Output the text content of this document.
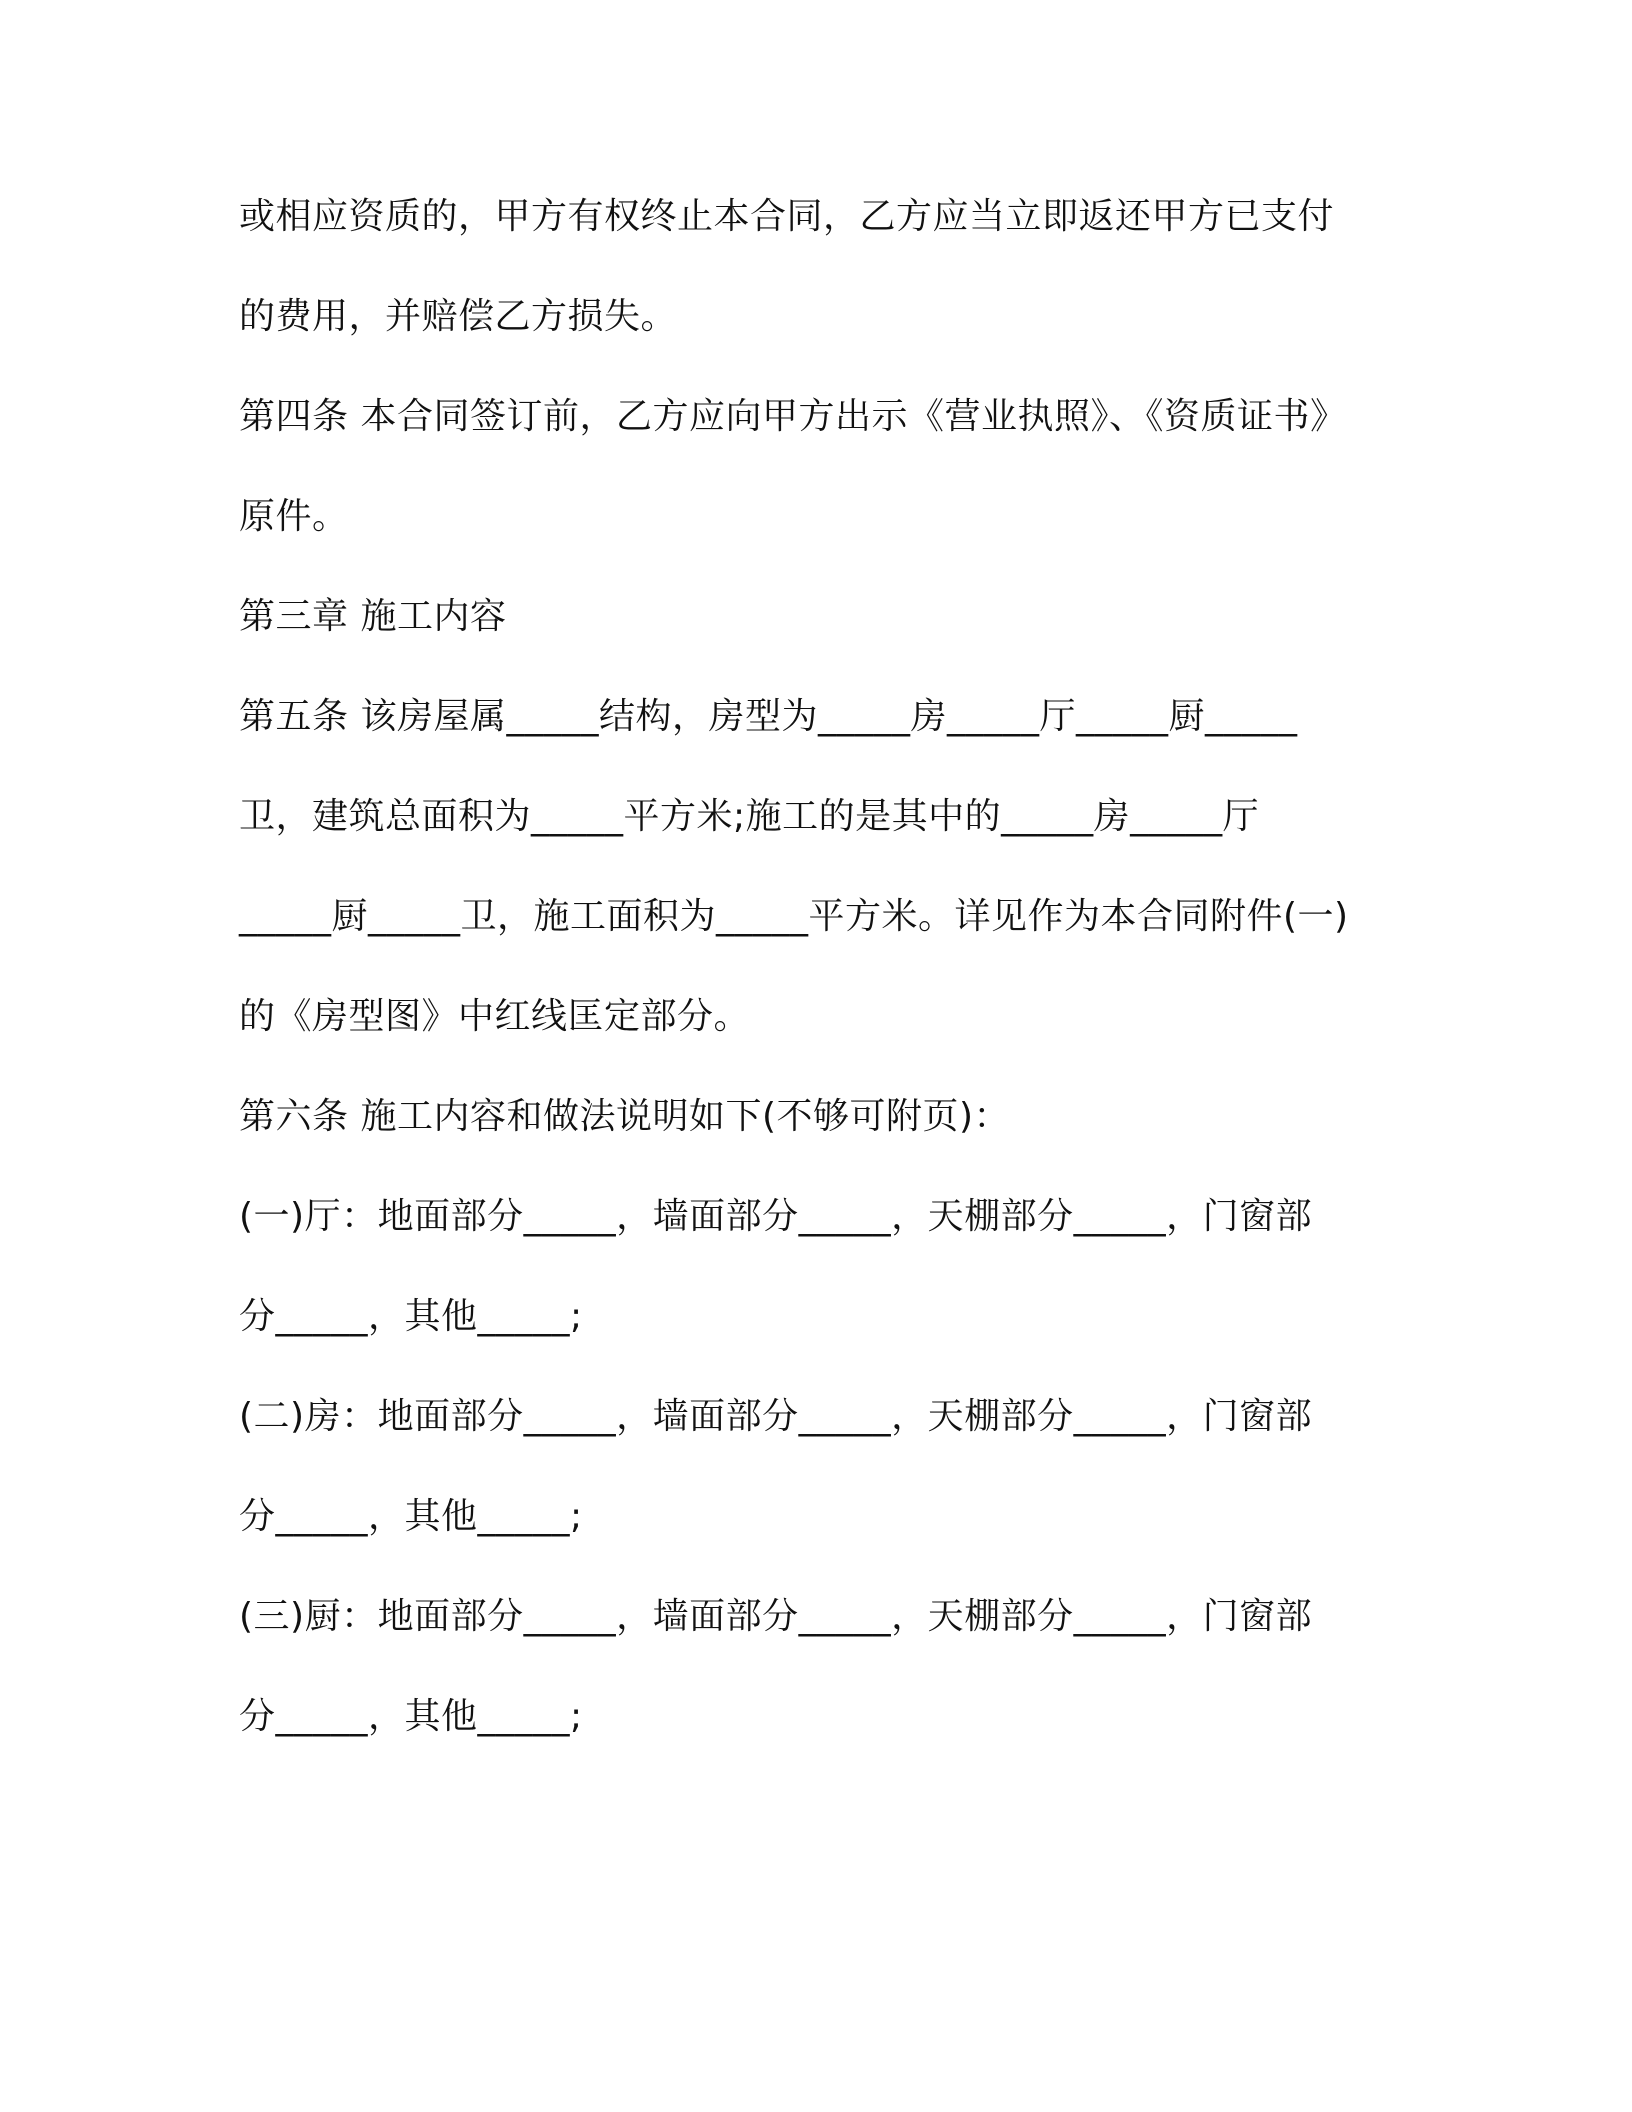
或相应资质的，甲方有权终止本合同，乙方应当立即返还甲方已支付

的费用，并赔偿乙方损失。

第四条 本合同签订前，乙方应向甲方出示《营业执照》、《资质证书》

原件。

第三章 施工内容

第五条 该房屋属_____结构，房型为_____房_____厅_____厨_____

卫，建筑总面积为_____平方米;施工的是其中的_____房_____厅

_____厨_____卫，施工面积为_____平方米。详见作为本合同附件(一)

的《房型图》中红线匡定部分。

第六条 施工内容和做法说明如下(不够可附页)：

(一)厅：地面部分_____，墙面部分_____，天棚部分_____，门窗部

分_____，其他_____;

(二)房：地面部分_____，墙面部分_____，天棚部分_____，门窗部

分_____，其他_____;

(三)厨：地面部分_____，墙面部分_____，天棚部分_____，门窗部

分_____，其他_____;
